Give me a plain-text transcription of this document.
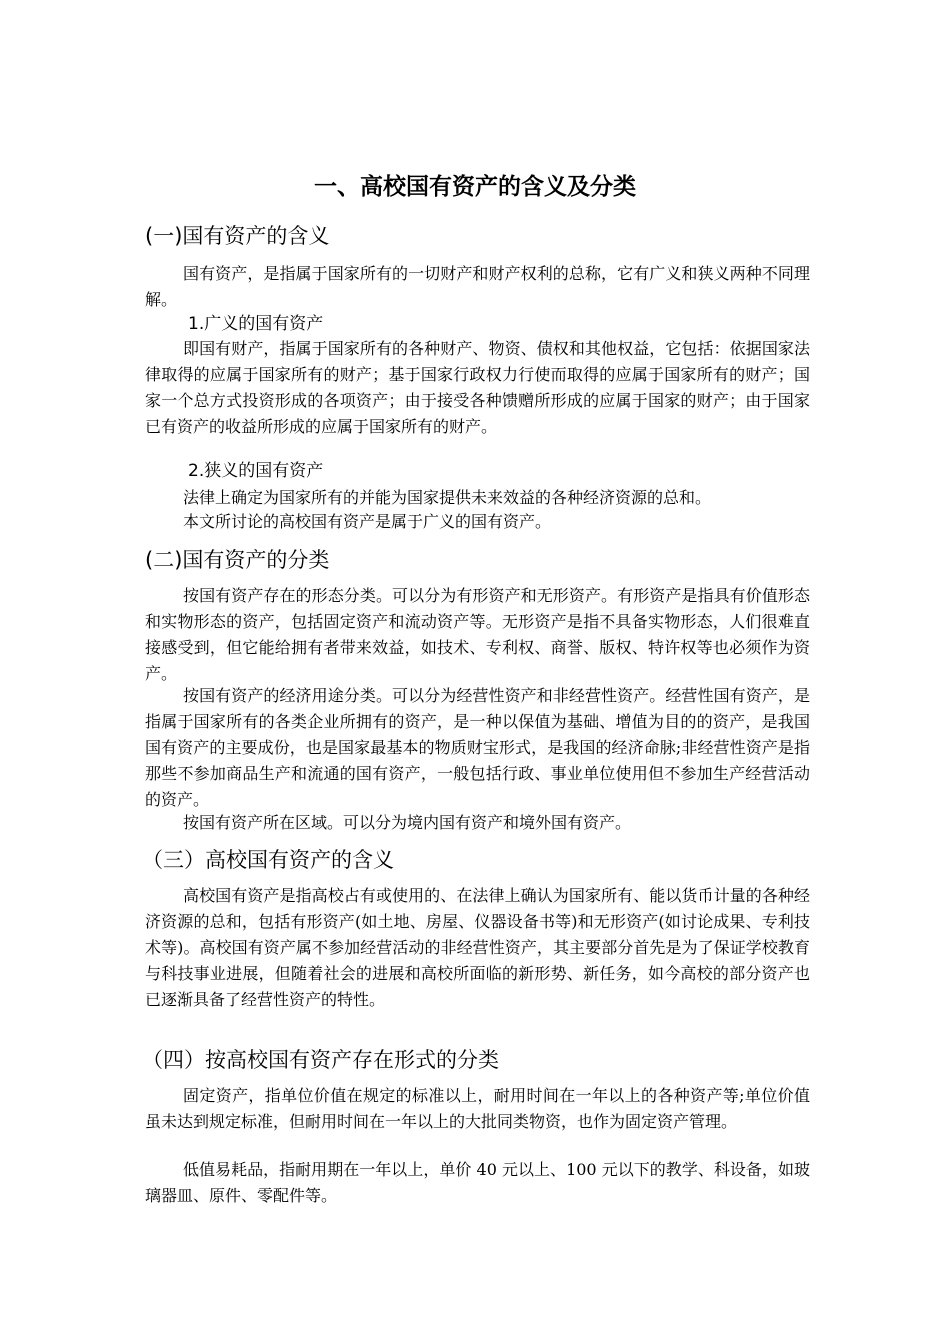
一、高校国有资产的含义及分类
(一)国有资产的含义

国有资产，是指属于国家所有的一切财产和财产权利的总称，它有广义和狭义两种不同理解。

1.广义的国有资产

即国有财产，指属于国家所有的各种财产、物资、债权和其他权益，它包括：依据国家法律取得的应属于国家所有的财产；基于国家行政权力行使而取得的应属于国家所有的财产；国家一个总方式投资形成的各项资产；由于接受各种馈赠所形成的应属于国家的财产；由于国家已有资产的收益所形成的应属于国家所有的财产。

2.狭义的国有资产

法律上确定为国家所有的并能为国家提供未来效益的各种经济资源的总和。

本文所讨论的高校国有资产是属于广义的国有资产。

(二)国有资产的分类

按国有资产存在的形态分类。可以分为有形资产和无形资产。有形资产是指具有价值形态和实物形态的资产，包括固定资产和流动资产等。无形资产是指不具备实物形态，人们很难直接感受到，但它能给拥有者带来效益，如技术、专利权、商誉、版权、特许权等也必须作为资产。

按国有资产的经济用途分类。可以分为经营性资产和非经营性资产。经营性国有资产，是指属于国家所有的各类企业所拥有的资产，是一种以保值为基础、增值为目的的资产，是我国国有资产的主要成份，也是国家最基本的物质财宝形式，是我国的经济命脉;非经营性资产是指那些不参加商品生产和流通的国有资产，一般包括行政、事业单位使用但不参加生产经营活动的资产。

按国有资产所在区域。可以分为境内国有资产和境外国有资产。

（三）高校国有资产的含义

高校国有资产是指高校占有或使用的、在法律上确认为国家所有、能以货币计量的各种经济资源的总和，包括有形资产(如土地、房屋、仪器设备书等)和无形资产(如讨论成果、专利技术等)。高校国有资产属不参加经营活动的非经营性资产，其主要部分首先是为了保证学校教育与科技事业进展，但随着社会的进展和高校所面临的新形势、新任务，如今高校的部分资产也已逐渐具备了经营性资产的特性。

（四）按高校国有资产存在形式的分类

固定资产，指单位价值在规定的标准以上，耐用时间在一年以上的各种资产等;单位价值虽未达到规定标准，但耐用时间在一年以上的大批同类物资，也作为固定资产管理。

低值易耗品，指耐用期在一年以上，单价 40 元以上、100 元以下的教学、科设备，如玻璃器皿、原件、零配件等。
